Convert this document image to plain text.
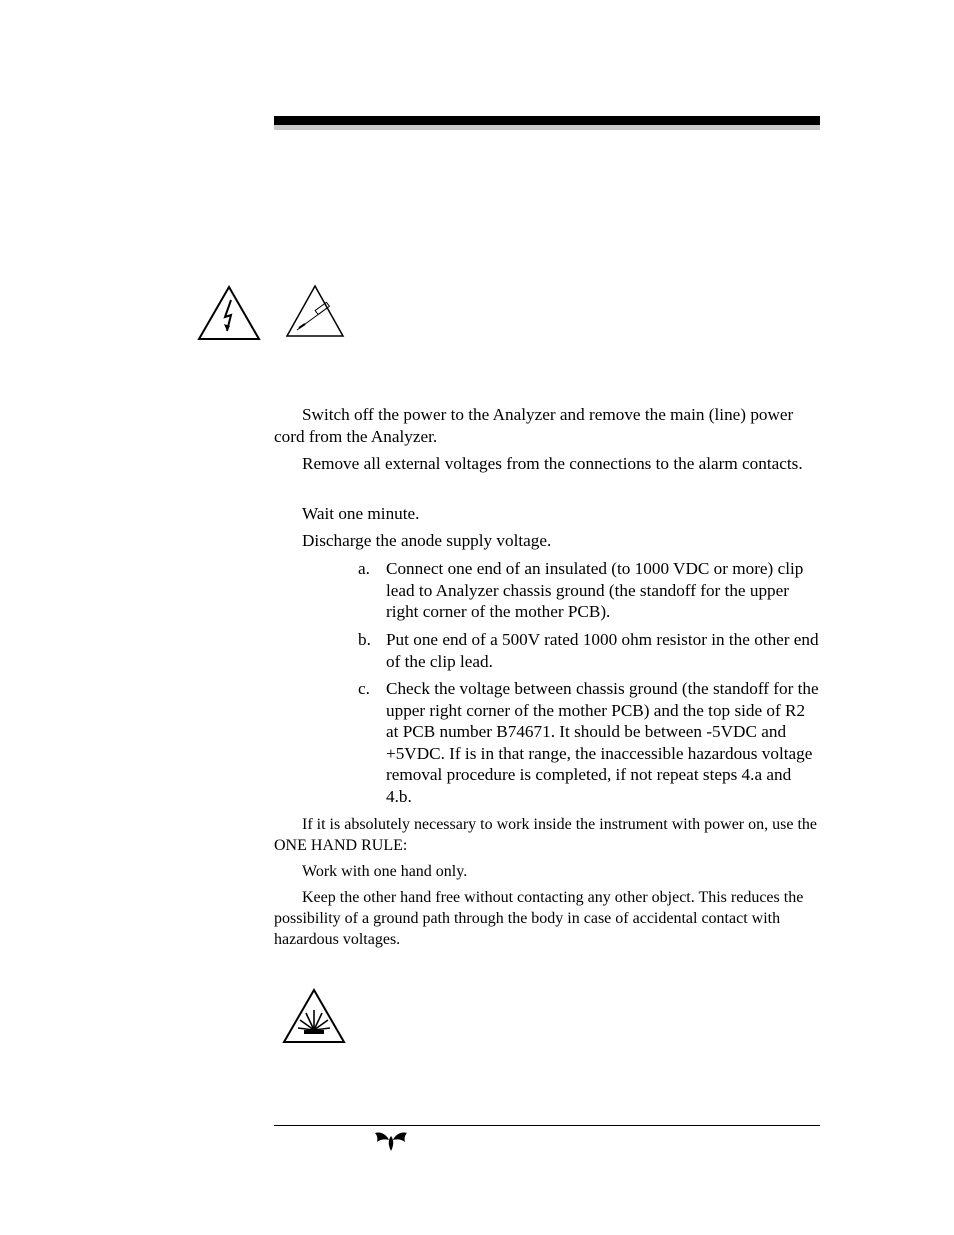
Switch off the power to the Analyzer and remove the main (line) power cord from the Analyzer.

Remove all external voltages from the connections to the alarm contacts.

Wait one minute.

Discharge the anode supply voltage.

a. Connect one end of an insulated (to 1000 VDC or more) clip lead to Analyzer chassis ground (the standoff for the upper right corner of the mother PCB).
b. Put one end of a 500V rated 1000 ohm resistor in the other end of the clip lead.
c. Check the voltage between chassis ground (the standoff for the upper right corner of the mother PCB) and the top side of R2 at PCB number B74671. It should be between -5VDC and +5VDC. If is in that range, the inaccessible hazardous voltage removal procedure is completed, if not repeat steps 4.a and 4.b.

If it is absolutely necessary to work inside the instrument with power on, use the ONE HAND RULE:

Work with one hand only.

Keep the other hand free without contacting any other object. This reduces the possibility of a ground path through the body in case of accidental contact with hazardous voltages.
